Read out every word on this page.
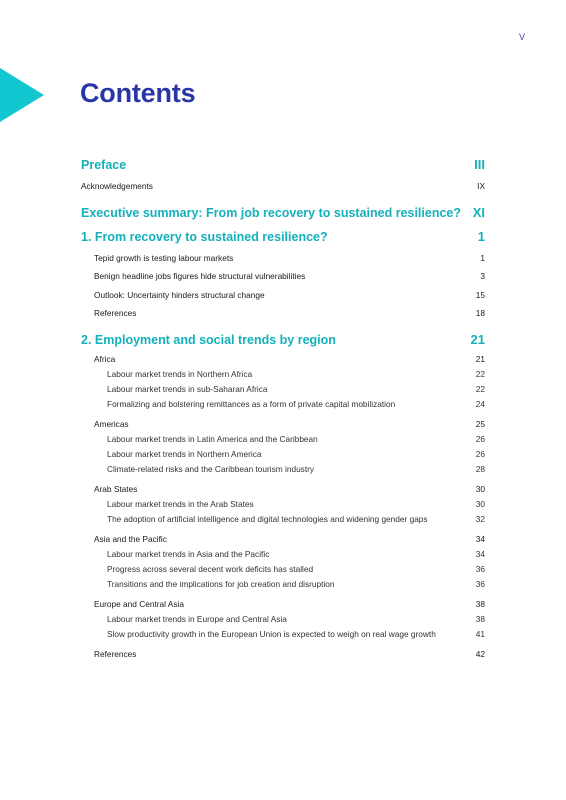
V
Contents
Preface	III
Acknowledgements	IX
Executive summary: From job recovery to sustained resilience? XI
1. From recovery to sustained resilience?	1
Tepid growth is testing labour markets	1
Benign headline jobs figures hide structural vulnerabilities	3
Outlook: Uncertainty hinders structural change	15
References	18
2. Employment and social trends by region	21
Africa	21
Labour market trends in Northern Africa	22
Labour market trends in sub-Saharan Africa	22
Formalizing and bolstering remittances as a form of private capital mobilization	24
Americas	25
Labour market trends in Latin America and the Caribbean	26
Labour market trends in Northern America	26
Climate-related risks and the Caribbean tourism industry	28
Arab States	30
Labour market trends in the Arab States	30
The adoption of artificial intelligence and digital technologies and widening gender gaps	32
Asia and the Pacific	34
Labour market trends in Asia and the Pacific	34
Progress across several decent work deficits has stalled	36
Transitions and the implications for job creation and disruption	36
Europe and Central Asia	38
Labour market trends in Europe and Central Asia	38
Slow productivity growth in the European Union is expected to weigh on real wage growth	41
References	42
